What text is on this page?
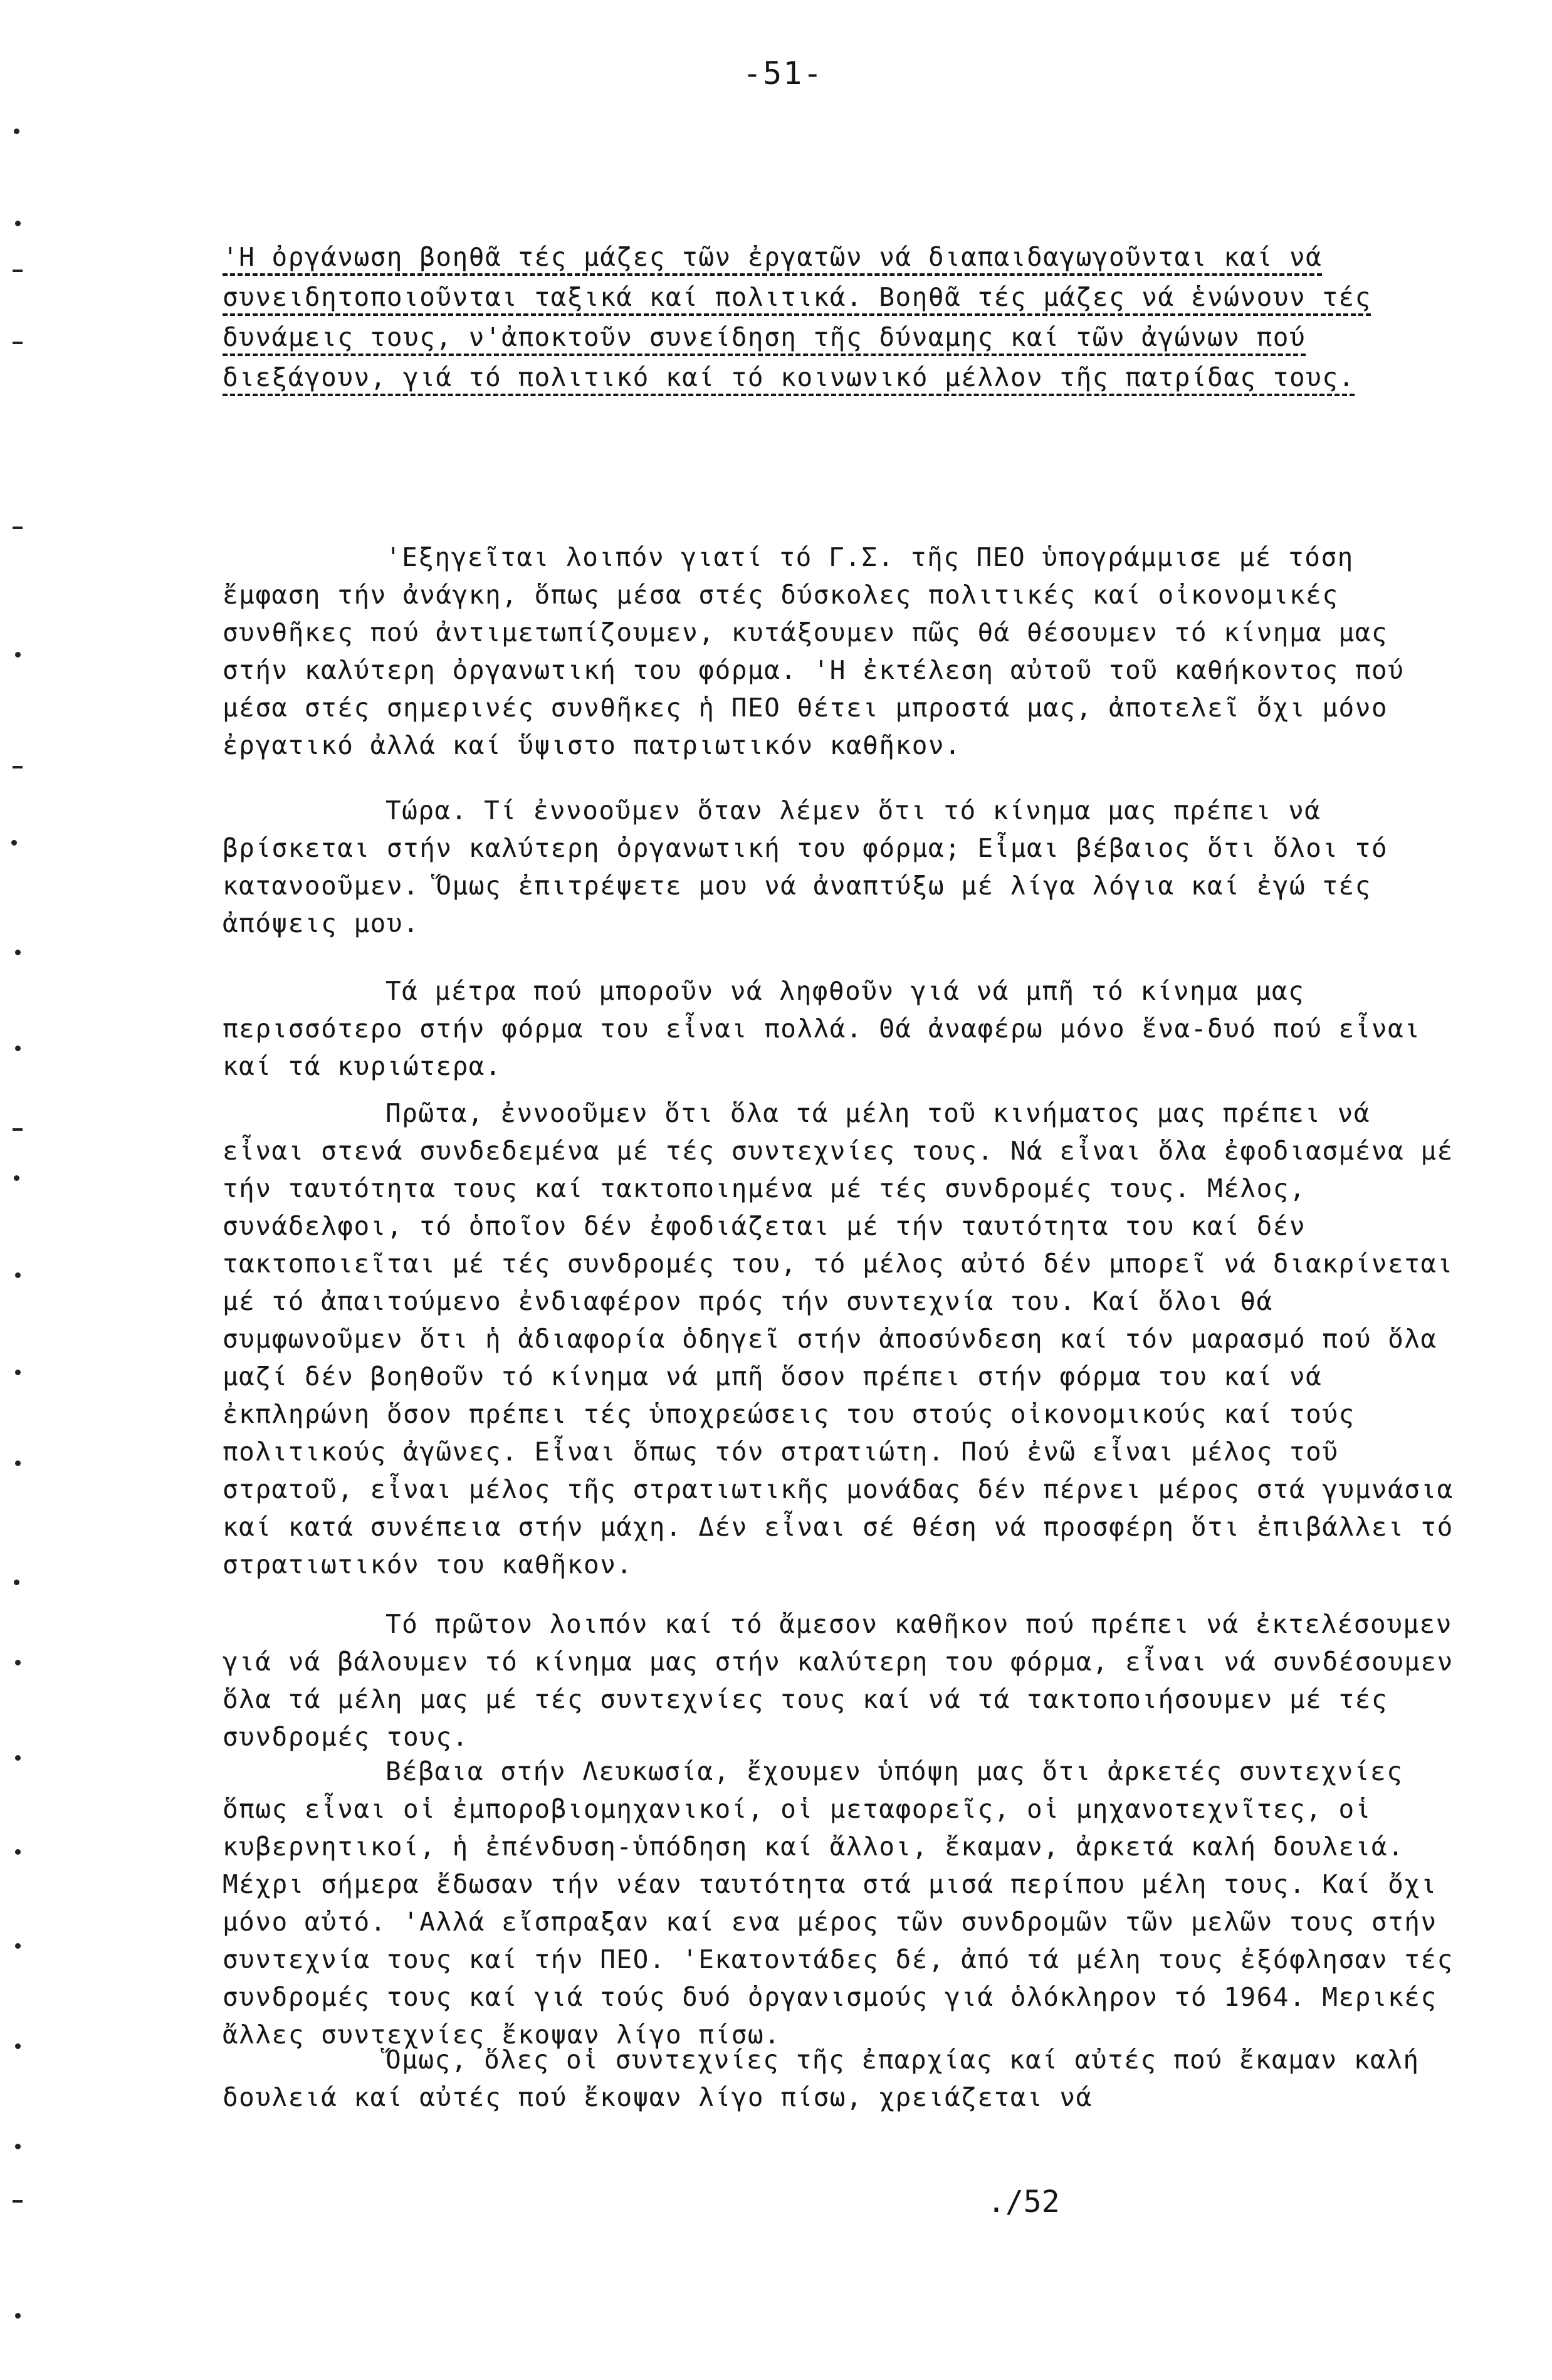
-51-
'Η ὀργάνωση βοηθᾶ τές μάζες τῶν ἐργατῶν νά διαπαιδαγωγοῦνται καί νά συνειδητοποιοῦνται ταξικά καί πολιτικά. Βοηθᾶ τές μάζες νά ἑνώνουν τές δυνάμεις τους, ν'ἀποκτοῦν συνείδηση τῆς δύναμης καί τῶν ἀγώνων πού διεξάγουν, γιά τό πολιτικό καί τό κοινωνικό μέλλον τῆς πατρίδας τους.

'Εξηγεῖται λοιπόν γιατί τό Γ.Σ. τῆς ΠΕΟ ὑπογράμμισε μέ τόση ἔμφαση τήν ἀνάγκη, ὅπως μέσα στές δύσκολες πολιτικές καί οἰκονομικές συνθῆκες πού ἀντιμετωπίζουμεν, κυτάξουμεν πῶς θά θέσουμεν τό κίνημα μας στήν καλύτερη ὀργανωτική του φόρμα. 'Η ἐκτέλεση αὐτοῦ τοῦ καθήκοντος πού μέσα στές σημερινές συνθῆκες ἡ ΠΕΟ θέτει μπροστά μας, ἀποτελεῖ ὄχι μόνο ἐργατικό ἀλλά καί ὕψιστο πατριωτικόν καθῆκον.

Τώρα. Τί ἐννοοῦμεν ὅταν λέμεν ὅτι τό κίνημα μας πρέπει νά βρίσκεται στήν καλύτερη ὀργανωτική του φόρμα; Εἶμαι βέβαιος ὅτι ὅλοι τό κατανοοῦμεν. Ὅμως ἐπιτρέψετε μου νά ἀναπτύξω μέ λίγα λόγια καί ἐγώ τές ἀπόψεις μου.

Τά μέτρα πού μποροῦν νά ληφθοῦν γιά νά μπῆ τό κίνημα μας περισσότερο στήν φόρμα του εἶναι πολλά. Θά ἀναφέρω μόνο ἕνα-δυό πού εἶναι καί τά κυριώτερα.

Πρῶτα, ἐννοοῦμεν ὅτι ὅλα τά μέλη τοῦ κινήματος μας πρέπει νά εἶναι στενά συνδεδεμένα μέ τές συντεχνίες τους. Νά εἶναι ὅλα ἐφοδιασμένα μέ τήν ταυτότητα τους καί τακτοποιημένα μέ τές συνδρομές τους. Μέλος, συνάδελφοι, τό ὁποῖον δέν ἐφοδιάζεται μέ τήν ταυτότητα του καί δέν τακτοποιεῖται μέ τές συνδρομές του, τό μέλος αὐτό δέν μπορεῖ νά διακρίνεται μέ τό ἀπαιτούμενο ἐνδιαφέρον πρός τήν συντεχνία του. Καί ὅλοι θά συμφωνοῦμεν ὅτι ἡ ἀδιαφορία ὁδηγεῖ στήν ἀποσύνδεση καί τόν μαρασμό πού ὅλα μαζί δέν βοηθοῦν τό κίνημα νά μπῆ ὅσον πρέπει στήν φόρμα του καί νά ἐκπληρώνη ὅσον πρέπει τές ὑποχρεώσεις του στούς οἰκονομικούς καί τούς πολιτικούς ἀγῶνες. Εἶναι ὅπως τόν στρατιώτη. Πού ἐνῶ εἶναι μέλος τοῦ στρατοῦ, εἶναι μέλος τῆς στρατιωτικῆς μονάδας δέν πέρνει μέρος στά γυμνάσια καί κατά συνέπεια στήν μάχη. Δέν εἶναι σέ θέση νά προσφέρη ὅτι ἐπιβάλλει τό στρατιωτικόν του καθῆκον.

Τό πρῶτον λοιπόν καί τό ἄμεσον καθῆκον πού πρέπει νά ἐκτελέσουμεν γιά νά βάλουμεν τό κίνημα μας στήν καλύτερη του φόρμα, εἶναι νά συνδέσουμεν ὅλα τά μέλη μας μέ τές συντεχνίες τους καί νά τά τακτοποιήσουμεν μέ τές συνδρομές τους.

Βέβαια στήν Λευκωσία, ἔχουμεν ὑπόψη μας ὅτι ἀρκετές συντεχνίες ὅπως εἶναι οἱ ἐμποροβιομηχανικοί, οἱ μεταφορεῖς, οἱ μηχανοτεχνῖτες, οἱ κυβερνητικοί, ἡ ἐπένδυση-ὑπόδηση καί ἄλλοι, ἔκαμαν, ἀρκετά καλή δουλειά. Μέχρι σήμερα ἔδωσαν τήν νέαν ταυτότητα στά μισά περίπου μέλη τους. Καί ὄχι μόνο αὐτό. 'Αλλά εἴσπραξαν καί ενα μέρος τῶν συνδρομῶν τῶν μελῶν τους στήν συντεχνία τους καί τήν ΠΕΟ. 'Εκατοντάδες δέ, ἀπό τά μέλη τους ἐξόφλησαν τές συνδρομές τους καί γιά τούς δυό ὀργανισμούς γιά ὁλόκληρον τό 1964. Μερικές ἄλλες συντεχνίες ἔκοψαν λίγο πίσω.

Ὅμως, ὅλες οἱ συντεχνίες τῆς ἐπαρχίας καί αὐτές πού ἔκαμαν καλή δουλειά καί αὐτές πού ἔκοψαν λίγο πίσω, χρειάζεται νά

./52
